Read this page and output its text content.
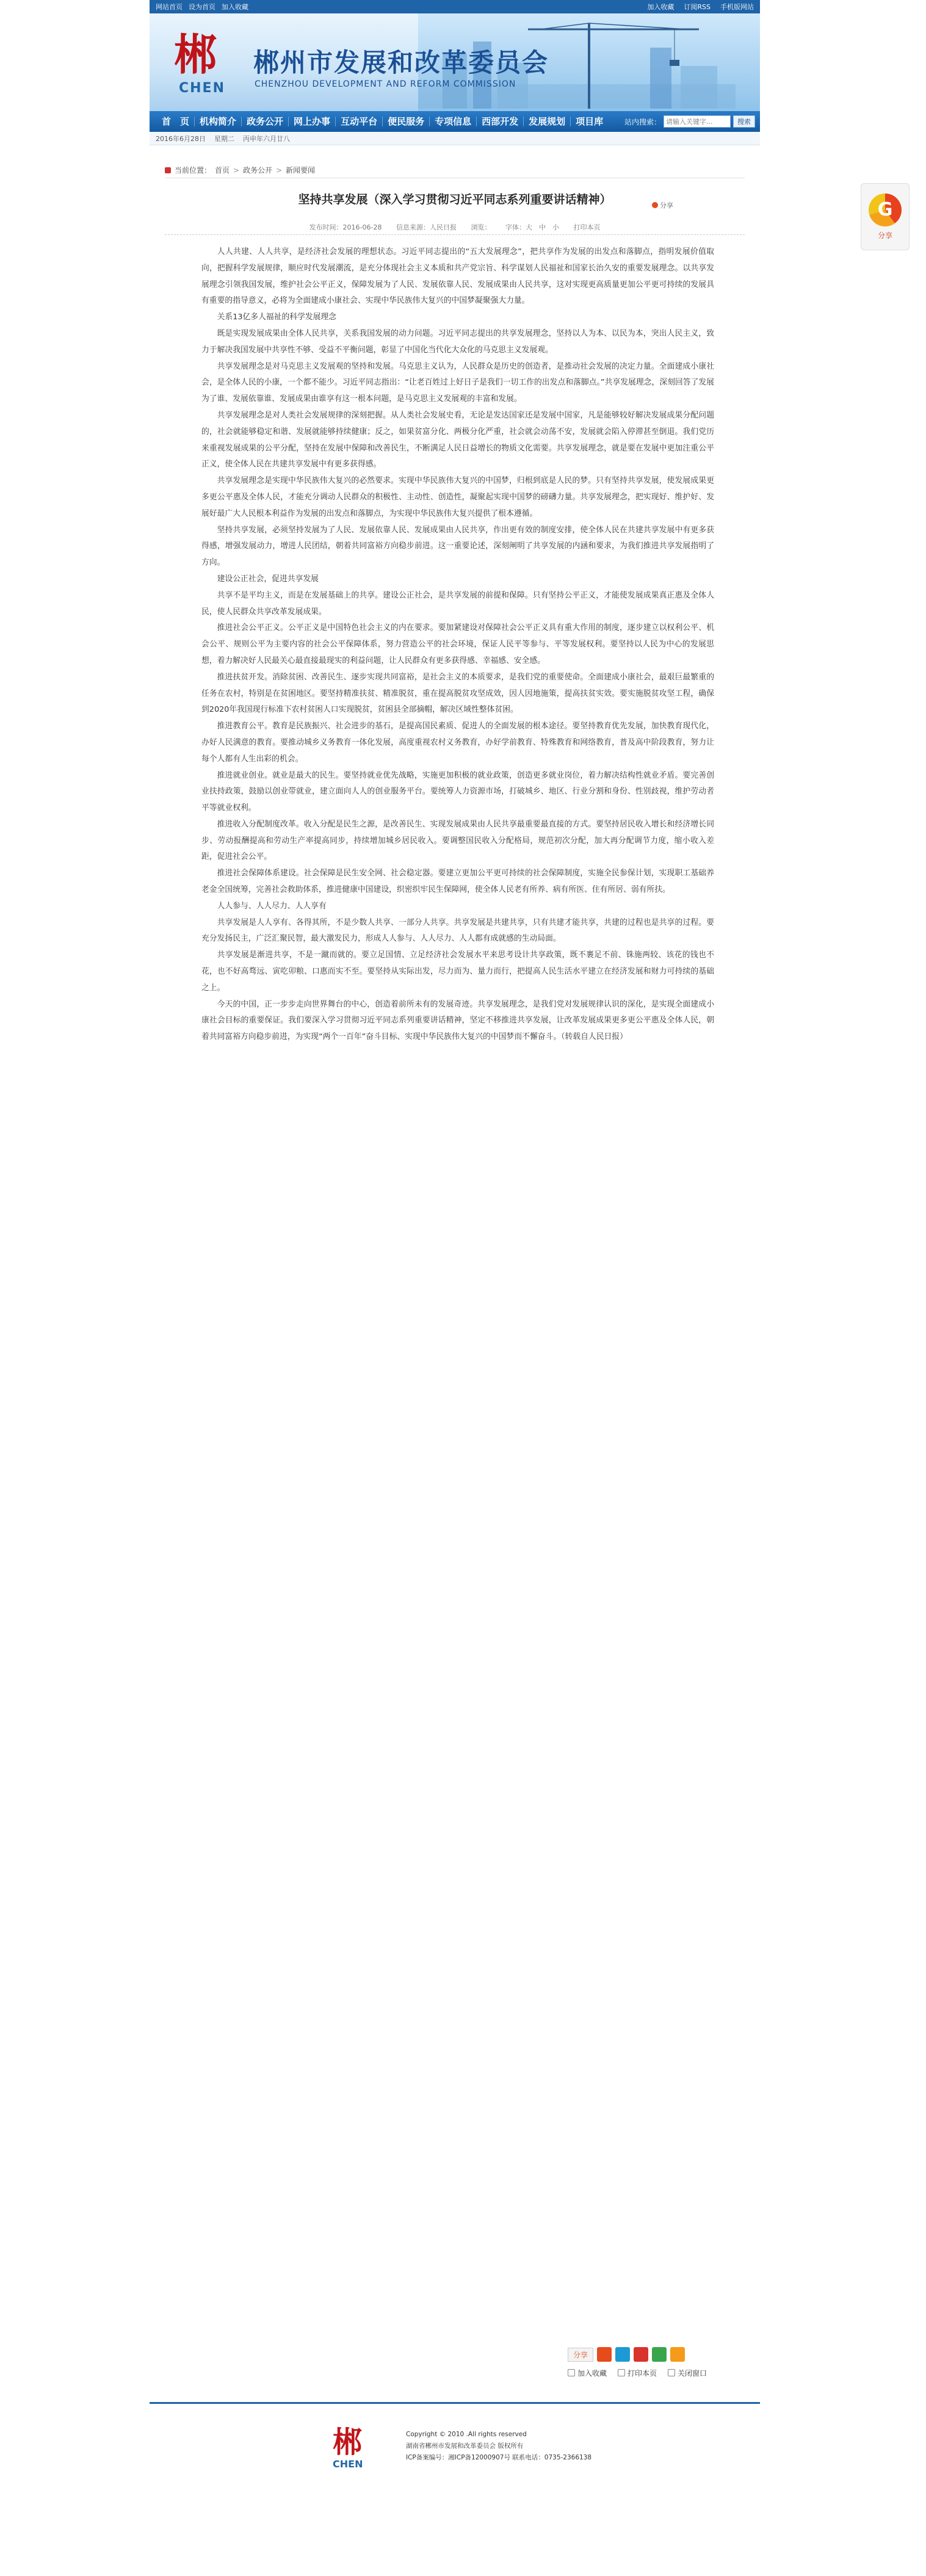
网站首页 设为首页 加入收藏	加入收藏 订阅RSS 手机版网站
郴
CHEN
郴州市发展和改革委员会
CHENZHOU DEVELOPMENT AND REFORM COMMISSION
首　页	机构简介	政务公开	网上办事	互动平台	便民服务	专项信息	西部开发	发展规划	项目库	站内搜索：
请输入关键字...	搜索
2016年6月28日 星期二 丙申年六月廿八
当前位置： 首页 > 政务公开 > 新闻要闻
G
分享
坚持共享发展（深入学习贯彻习近平同志系列重要讲话精神）	分享
发布时间：2016-06-28 信息来源：人民日报 浏览： 字体：大　中　小 打印本页

人人共建、人人共享，是经济社会发展的理想状态。习近平同志提出的“五大发展理念”，把共享作为发展的出发点和落脚点，指明发展价值取向，把握科学发展规律，顺应时代发展潮流，是充分体现社会主义本质和共产党宗旨、科学谋划人民福祉和国家长治久安的重要发展理念。以共享发展理念引领我国发展，维护社会公平正义，保障发展为了人民、发展依靠人民、发展成果由人民共享，这对实现更高质量更加公平更可持续的发展具有重要的指导意义，必将为全面建成小康社会、实现中华民族伟大复兴的中国梦凝聚强大力量。

关系13亿多人福祉的科学发展理念

既是实现发展成果由全体人民共享，关系我国发展的动力问题。习近平同志提出的共享发展理念，坚持以人为本、以民为本，突出人民主义，致力于解决我国发展中共享性不够、受益不平衡问题，彰显了中国化当代化大众化的马克思主义发展观。

共享发展理念是对马克思主义发展观的坚持和发展。马克思主义认为，人民群众是历史的创造者，是推动社会发展的决定力量。全面建成小康社会，是全体人民的小康，一个都不能少。习近平同志指出：“让老百姓过上好日子是我们一切工作的出发点和落脚点。”共享发展理念，深刻回答了发展为了谁、发展依靠谁、发展成果由谁享有这一根本问题，是马克思主义发展观的丰富和发展。

共享发展理念是对人类社会发展规律的深刻把握。从人类社会发展史看，无论是发达国家还是发展中国家，凡是能够较好解决发展成果分配问题的，社会就能够稳定和谐、发展就能够持续健康；反之，如果贫富分化、两极分化严重，社会就会动荡不安，发展就会陷入停滞甚至倒退。我们党历来重视发展成果的公平分配，坚持在发展中保障和改善民生，不断满足人民日益增长的物质文化需要。共享发展理念，就是要在发展中更加注重公平正义，使全体人民在共建共享发展中有更多获得感。

共享发展理念是实现中华民族伟大复兴的必然要求。实现中华民族伟大复兴的中国梦，归根到底是人民的梦。只有坚持共享发展，使发展成果更多更公平惠及全体人民，才能充分调动人民群众的积极性、主动性、创造性，凝聚起实现中国梦的磅礴力量。共享发展理念，把实现好、维护好、发展好最广大人民根本利益作为发展的出发点和落脚点，为实现中华民族伟大复兴提供了根本遵循。

坚持共享发展，必须坚持发展为了人民、发展依靠人民、发展成果由人民共享，作出更有效的制度安排，使全体人民在共建共享发展中有更多获得感，增强发展动力，增进人民团结，朝着共同富裕方向稳步前进。这一重要论述，深刻阐明了共享发展的内涵和要求，为我们推进共享发展指明了方向。

建设公正社会，促进共享发展

共享不是平均主义，而是在发展基础上的共享。建设公正社会，是共享发展的前提和保障。只有坚持公平正义，才能使发展成果真正惠及全体人民，使人民群众共享改革发展成果。

推进社会公平正义。公平正义是中国特色社会主义的内在要求。要加紧建设对保障社会公平正义具有重大作用的制度，逐步建立以权利公平、机会公平、规则公平为主要内容的社会公平保障体系，努力营造公平的社会环境，保证人民平等参与、平等发展权利。要坚持以人民为中心的发展思想，着力解决好人民最关心最直接最现实的利益问题，让人民群众有更多获得感、幸福感、安全感。

推进扶贫开发。消除贫困、改善民生、逐步实现共同富裕，是社会主义的本质要求，是我们党的重要使命。全面建成小康社会，最艰巨最繁重的任务在农村，特别是在贫困地区。要坚持精准扶贫、精准脱贫，重在提高脱贫攻坚成效，因人因地施策，提高扶贫实效。要实施脱贫攻坚工程，确保到2020年我国现行标准下农村贫困人口实现脱贫，贫困县全部摘帽，解决区域性整体贫困。

推进教育公平。教育是民族振兴、社会进步的基石，是提高国民素质、促进人的全面发展的根本途径。要坚持教育优先发展，加快教育现代化，办好人民满意的教育。要推动城乡义务教育一体化发展，高度重视农村义务教育，办好学前教育、特殊教育和网络教育，普及高中阶段教育，努力让每个人都有人生出彩的机会。

推进就业创业。就业是最大的民生。要坚持就业优先战略，实施更加积极的就业政策，创造更多就业岗位，着力解决结构性就业矛盾。要完善创业扶持政策，鼓励以创业带就业，建立面向人人的创业服务平台。要统筹人力资源市场，打破城乡、地区、行业分割和身份、性别歧视，维护劳动者平等就业权利。

推进收入分配制度改革。收入分配是民生之源，是改善民生、实现发展成果由人民共享最重要最直接的方式。要坚持居民收入增长和经济增长同步、劳动报酬提高和劳动生产率提高同步，持续增加城乡居民收入。要调整国民收入分配格局，规范初次分配，加大再分配调节力度，缩小收入差距，促进社会公平。

推进社会保障体系建设。社会保障是民生安全网、社会稳定器。要建立更加公平更可持续的社会保障制度，实施全民参保计划，实现职工基础养老金全国统筹，完善社会救助体系，推进健康中国建设，织密织牢民生保障网，使全体人民老有所养、病有所医、住有所居、弱有所扶。

人人参与、人人尽力、人人享有

共享发展是人人享有、各得其所，不是少数人共享、一部分人共享。共享发展是共建共享，只有共建才能共享，共建的过程也是共享的过程。要充分发扬民主，广泛汇聚民智，最大激发民力，形成人人参与、人人尽力、人人都有成就感的生动局面。

共享发展是渐进共享，不是一蹴而就的。要立足国情、立足经济社会发展水平来思考设计共享政策，既不裹足不前、铢施两较、该花的钱也不花，也不好高骛远、寅吃卯粮、口惠而实不至。要坚持从实际出发，尽力而为、量力而行，把提高人民生活水平建立在经济发展和财力可持续的基础之上。

今天的中国，正一步步走向世界舞台的中心，创造着前所未有的发展奇迹。共享发展理念，是我们党对发展规律认识的深化，是实现全面建成小康社会目标的重要保证。我们要深入学习贯彻习近平同志系列重要讲话精神，坚定不移推进共享发展，让改革发展成果更多更公平惠及全体人民，朝着共同富裕方向稳步前进，为实现“两个一百年”奋斗目标、实现中华民族伟大复兴的中国梦而不懈奋斗。（转载自人民日报）

分享
加入收藏	打印本页	关闭窗口
郴
CHEN
Copyright © 2010 .All rights reserved
湖南省郴州市发展和改革委员会 版权所有
ICP备案编号：湘ICP备12000907号 联系电话：0735-2366138
